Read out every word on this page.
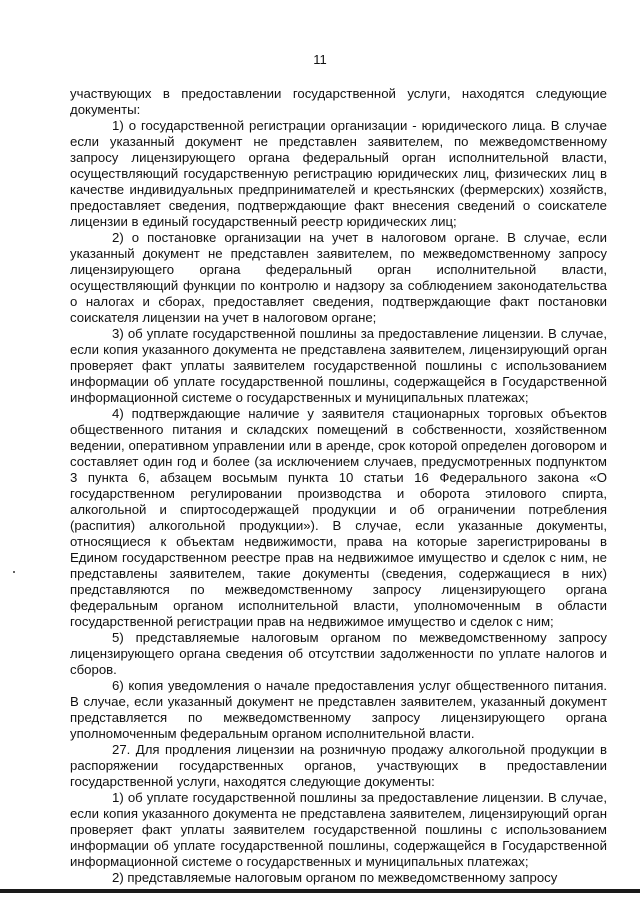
11

участвующих в предоставлении государственной услуги, находятся следующие документы:

1) о государственной регистрации организации - юридического лица. В случае если указанный документ не представлен заявителем, по межведомственному запросу лицензирующего органа федеральный орган исполнительной власти, осуществляющий государственную регистрацию юридических лиц, физических лиц в качестве индивидуальных предпринимателей и крестьянских (фермерских) хозяйств, предоставляет сведения, подтверждающие факт внесения сведений о соискателе лицензии в единый государственный реестр юридических лиц;

2) о постановке организации на учет в налоговом органе. В случае, если указанный документ не представлен заявителем, по межведомственному запросу лицензирующего органа федеральный орган исполнительной власти, осуществляющий функции по контролю и надзору за соблюдением законодательства о налогах и сборах, предоставляет сведения, подтверждающие факт постановки соискателя лицензии на учет в налоговом органе;

3) об уплате государственной пошлины за предоставление лицензии. В случае, если копия указанного документа не представлена заявителем, лицензирующий орган проверяет факт уплаты заявителем государственной пошлины с использованием информации об уплате государственной пошлины, содержащейся в Государственной информационной системе о государственных и муниципальных платежах;

4) подтверждающие наличие у заявителя стационарных торговых объектов общественного питания и складских помещений в собственности, хозяйственном ведении, оперативном управлении или в аренде, срок которой определен договором и составляет один год и более (за исключением случаев, предусмотренных подпунктом 3 пункта 6, абзацем восьмым пункта 10 статьи 16 Федерального закона «О государственном регулировании производства и оборота этилового спирта, алкогольной и спиртосодержащей продукции и об ограничении потребления (распития) алкогольной продукции»). В случае, если указанные документы, относящиеся к объектам недвижимости, права на которые зарегистрированы в Едином государственном реестре прав на недвижимое имущество и сделок с ним, не представлены заявителем, такие документы (сведения, содержащиеся в них) представляются по межведомственному запросу лицензирующего органа федеральным органом исполнительной власти, уполномоченным в области государственной регистрации прав на недвижимое имущество и сделок с ним;

5) представляемые налоговым органом по межведомственному запросу лицензирующего органа сведения об отсутствии задолженности по уплате налогов и сборов.

6) копия уведомления о начале предоставления услуг общественного питания. В случае, если указанный документ не представлен заявителем, указанный документ представляется по межведомственному запросу лицензирующего органа уполномоченным федеральным органом исполнительной власти.

27. Для продления лицензии на розничную продажу алкогольной продукции в распоряжении государственных органов, участвующих в предоставлении государственной услуги, находятся следующие документы:

1) об уплате государственной пошлины за предоставление лицензии. В случае, если копия указанного документа не представлена заявителем, лицензирующий орган проверяет факт уплаты заявителем государственной пошлины с использованием информации об уплате государственной пошлины, содержащейся в Государственной информационной системе о государственных и муниципальных платежах;

2) представляемые налоговым органом по межведомственному запросу
